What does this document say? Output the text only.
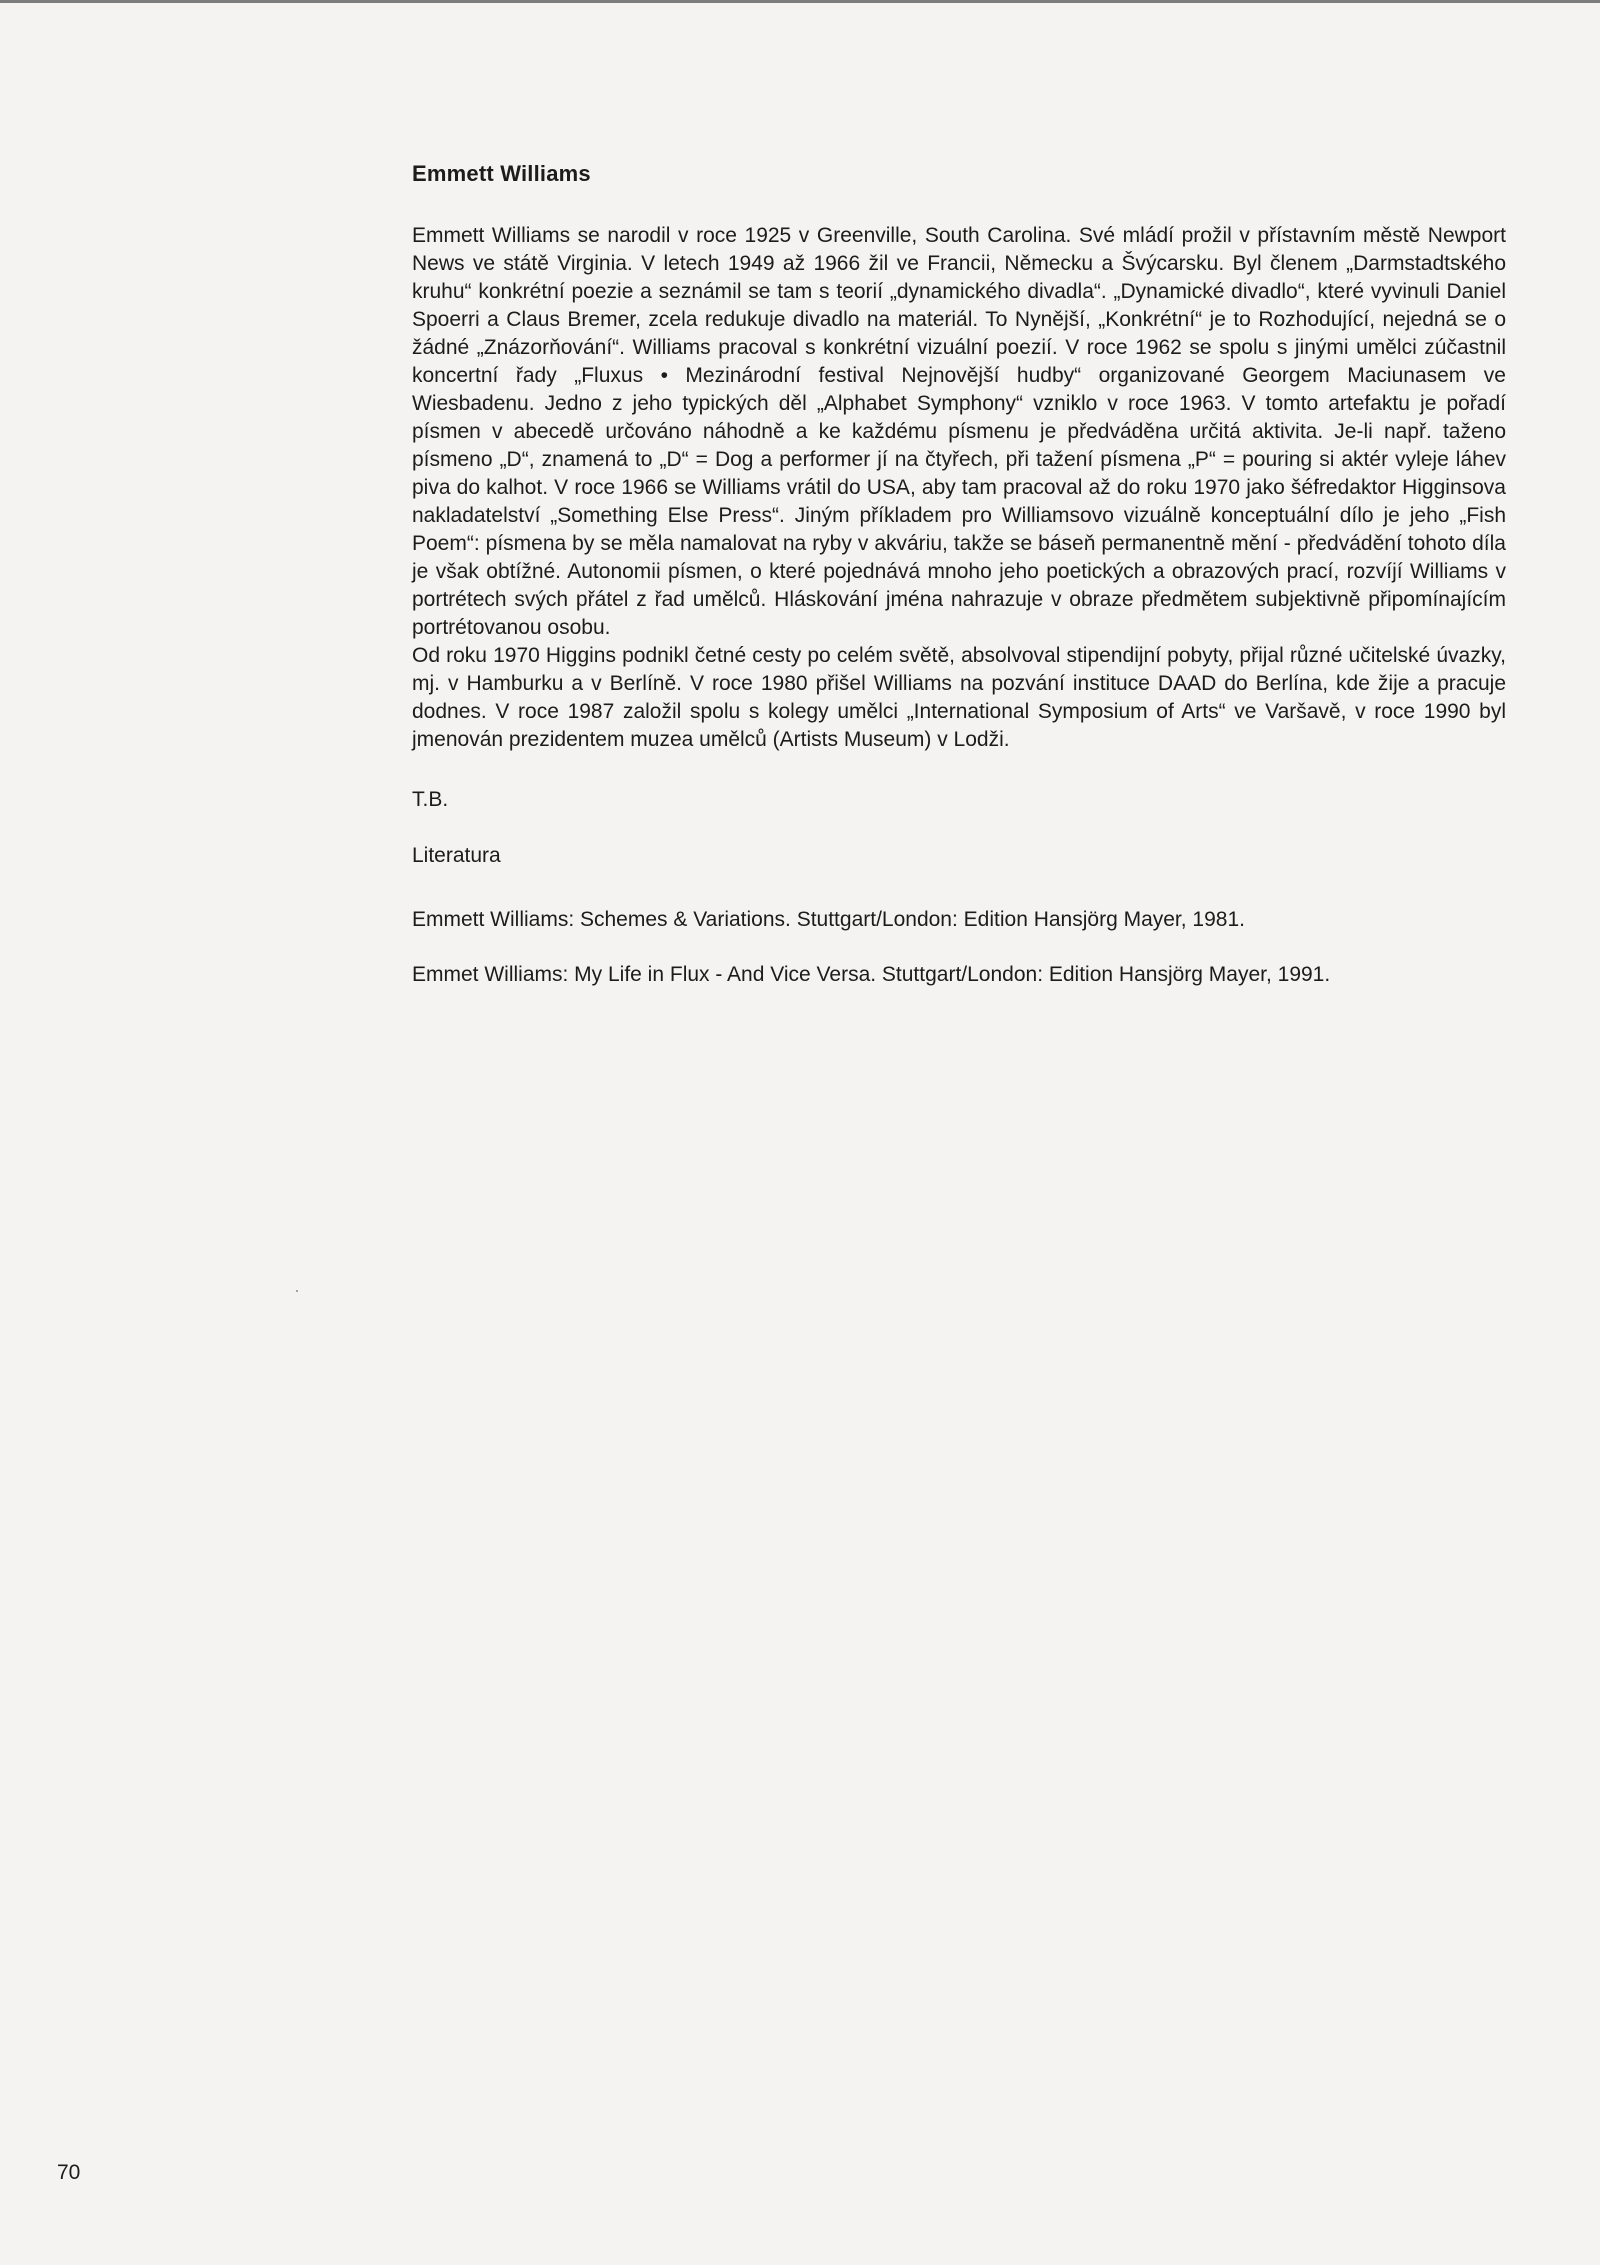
Emmett Williams

Emmett Williams se narodil v roce 1925 v Greenville, South Carolina. Své mládí prožil v přístavním městě Newport News ve státě Virginia. V letech 1949 až 1966 žil ve Francii, Německu a Švýcarsku. Byl členem „Darmstadtského kruhu“ konkrétní poezie a seznámil se tam s teorií „dynamického divadla“. „Dynamické divadlo“, které vyvinuli Daniel Spoerri a Claus Bremer, zcela redukuje divadlo na materiál. To Nynější, „Konkrétní“ je to Rozhodující, nejedná se o žádné „Znázorňování“. Williams pracoval s konkrétní vizuální poezií. V roce 1962 se spolu s jinými umělci zúčastnil koncertní řady „Fluxus • Mezinárodní festival Nejnovější hudby“ organizované Georgem Maciunasem ve Wiesbadenu. Jedno z jeho typických děl „Alphabet Symphony“ vzniklo v roce 1963. V tomto artefaktu je pořadí písmen v abecedě určováno náhodně a ke každému písmenu je předváděna určitá aktivita. Je-li např. taženo písmeno „D“, znamená to „D“ = Dog a performer jí na čtyřech, při tažení písmena „P“ = pouring si aktér vyleje láhev piva do kalhot. V roce 1966 se Williams vrátil do USA, aby tam pracoval až do roku 1970 jako šéfredaktor Higginsova nakladatelství „Something Else Press“. Jiným příkladem pro Williamsovo vizuálně konceptuální dílo je jeho „Fish Poem“: písmena by se měla namalovat na ryby v akváriu, takže se báseň permanentně mění - předvádění tohoto díla je však obtížné. Autonomii písmen, o které pojednává mnoho jeho poetických a obrazových prací, rozvíjí Williams v portrétech svých přátel z řad umělců. Hláskování jména nahrazuje v obraze předmětem subjektivně připomínajícím portrétovanou osobu.

Od roku 1970 Higgins podnikl četné cesty po celém světě, absolvoval stipendijní pobyty, přijal různé učitelské úvazky, mj. v Hamburku a v Berlíně. V roce 1980 přišel Williams na pozvání instituce DAAD do Berlína, kde žije a pracuje dodnes. V roce 1987 založil spolu s kolegy umělci „International Symposium of Arts“ ve Varšavě, v roce 1990 byl jmenován prezidentem muzea umělců (Artists Museum) v Lodži.

T.B.
Literatura
Emmett Williams: Schemes & Variations. Stuttgart/London: Edition Hansjörg Mayer, 1981.
Emmet Williams: My Life in Flux - And Vice Versa. Stuttgart/London: Edition Hansjörg Mayer, 1991.
70
